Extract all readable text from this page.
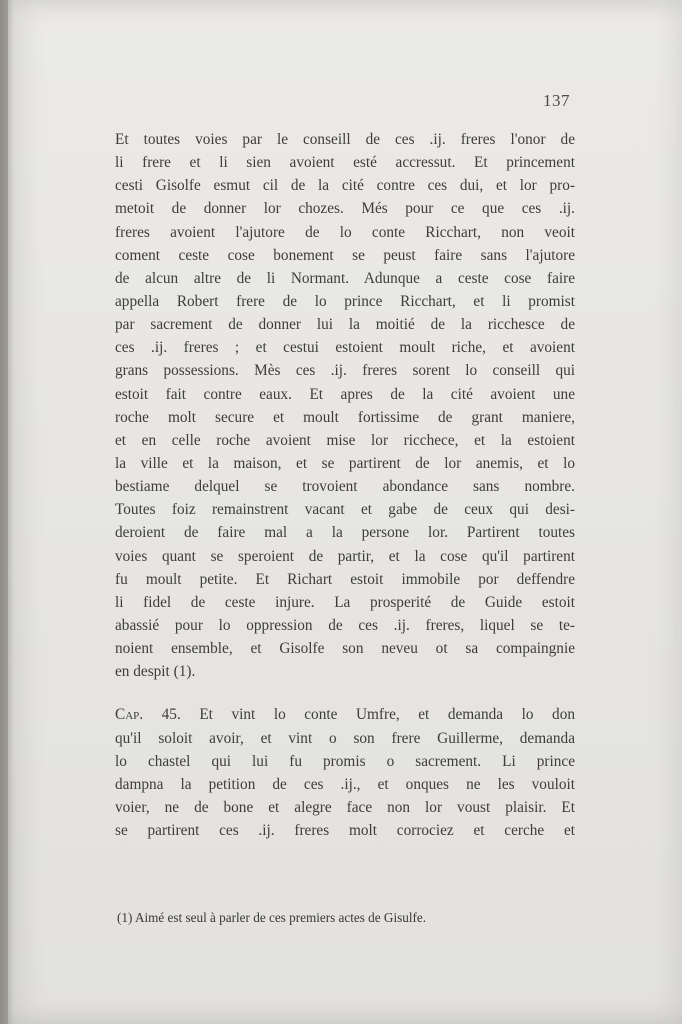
137
Et toutes voies par le conseill de ces .ij. freres l'onor de
li frere et li sien avoient esté accressut. Et princement
cesti Gisolfe esmut cil de la cité contre ces dui, et lor pro-
metoit de donner lor chozes. Més pour ce que ces .ij.
freres avoient l'ajutore de lo conte Ricchart, non veoit
coment ceste cose bonement se peust faire sans l'ajutore
de alcun altre de li Normant. Adunque a ceste cose faire
appella Robert frere de lo prince Ricchart, et li promist
par sacrement de donner lui la moitié de la ricchesce de
ces .ij. freres ; et cestui estoient moult riche, et avoient
grans possessions. Mès ces .ij. freres sorent lo conseill qui
estoit fait contre eaux. Et apres de la cité avoient une
roche molt secure et moult fortissime de grant maniere,
et en celle roche avoient mise lor ricchece, et la estoient
la ville et la maison, et se partirent de lor anemis, et lo
bestiame delquel se trovoient abondance sans nombre.
Toutes foiz remainstrent vacant et gabe de ceux qui desi-
deroient de faire mal a la persone lor. Partirent toutes
voies quant se speroient de partir, et la cose qu'il partirent
fu moult petite. Et Richart estoit immobile por deffendre
li fidel de ceste injure. La prosperité de Guide estoit
abassié pour lo oppression de ces .ij. freres, liquel se te-
noient ensemble, et Gisolfe son neveu ot sa compaingnie
en despit (1).
Cap. 45. Et vint lo conte Umfre, et demanda lo don
qu'il soloit avoir, et vint o son frere Guillerme, demanda
lo chastel qui lui fu promis o sacrement. Li prince
dampna la petition de ces .ij., et onques ne les vouloit
voier, ne de bone et alegre face non lor voust plaisir. Et
se partirent ces .ij. freres molt corrociez et cerche et
(1) Aimé est seul à parler de ces premiers actes de Gisulfe.
